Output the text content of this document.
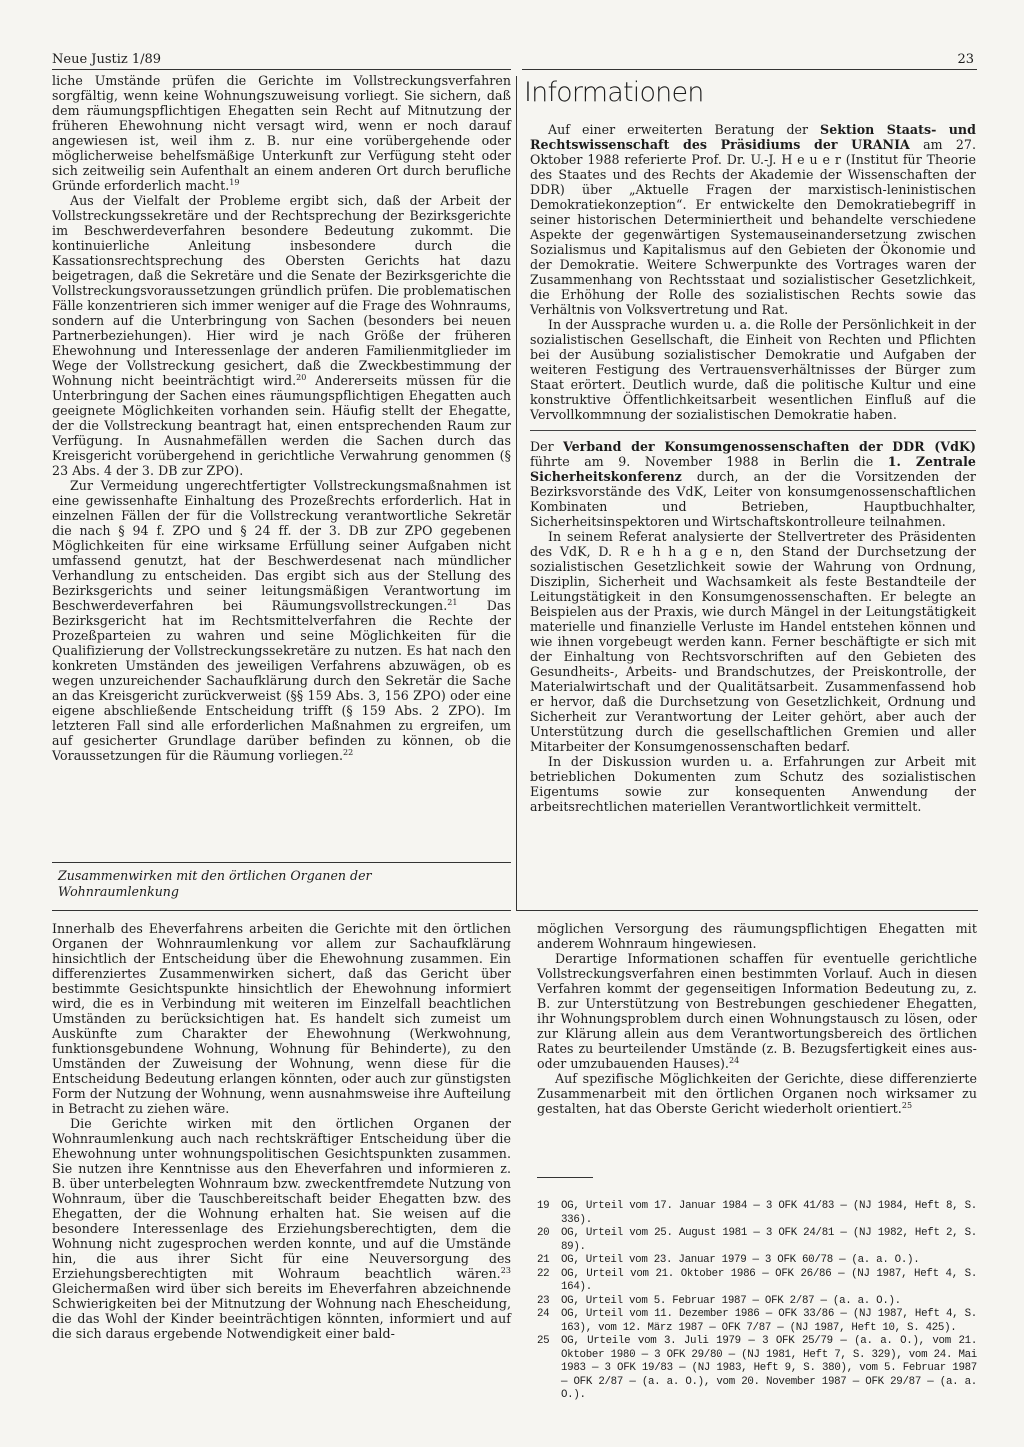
Neue Justiz 1/89	23

liche Umstände prüfen die Gerichte im Vollstreckungsverfahren sorgfältig, wenn keine Wohnungszuweisung vorliegt. Sie sichern, daß dem räumungspflichtigen Ehegatten sein Recht auf Mitnutzung der früheren Ehewohnung nicht versagt wird, wenn er noch darauf angewiesen ist, weil ihm z. B. nur eine vorübergehende oder möglicherweise behelfsmäßige Unterkunft zur Verfügung steht oder sich zeitweilig sein Aufenthalt an einem anderen Ort durch berufliche Gründe erforderlich macht.$^{19}$

Aus der Vielfalt der Probleme ergibt sich, daß der Arbeit der Vollstreckungssekretäre und der Rechtsprechung der Bezirksgerichte im Beschwerdeverfahren besondere Bedeutung zukommt. Die kontinuierliche Anleitung insbesondere durch die Kassationsrechtsprechung des Obersten Gerichts hat dazu beigetragen, daß die Sekretäre und die Senate der Bezirksgerichte die Vollstreckungsvoraussetzungen gründlich prüfen. Die problematischen Fälle konzentrieren sich immer weniger auf die Frage des Wohnraums, sondern auf die Unterbringung von Sachen (besonders bei neuen Partnerbeziehungen). Hier wird je nach Größe der früheren Ehewohnung und Interessenlage der anderen Familienmitglieder im Wege der Vollstreckung gesichert, daß die Zweckbestimmung der Wohnung nicht beeinträchtigt wird.$^{20}$ Andererseits müssen für die Unterbringung der Sachen eines räumungspflichtigen Ehegatten auch geeignete Möglichkeiten vorhanden sein. Häufig stellt der Ehegatte, der die Vollstreckung beantragt hat, einen entsprechenden Raum zur Verfügung. In Ausnahmefällen werden die Sachen durch das Kreisgericht vorübergehend in gerichtliche Verwahrung genommen (§ 23 Abs. 4 der 3. DB zur ZPO).

Zur Vermeidung ungerechtfertigter Vollstreckungsmaßnahmen ist eine gewissenhafte Einhaltung des Prozeßrechts erforderlich. Hat in einzelnen Fällen der für die Vollstreckung verantwortliche Sekretär die nach § 94 f. ZPO und § 24 ff. der 3. DB zur ZPO gegebenen Möglichkeiten für eine wirksame Erfüllung seiner Aufgaben nicht umfassend genutzt, hat der Beschwerdesenat nach mündlicher Verhandlung zu entscheiden. Das ergibt sich aus der Stellung des Bezirksgerichts und seiner leitungsmäßigen Verantwortung im Beschwerdeverfahren bei Räumungsvollstreckungen.$^{21}$ Das Bezirksgericht hat im Rechtsmittelverfahren die Rechte der Prozeßparteien zu wahren und seine Möglichkeiten für die Qualifizierung der Vollstreckungssekretäre zu nutzen. Es hat nach den konkreten Umständen des jeweiligen Verfahrens abzuwägen, ob es wegen unzureichender Sachaufklärung durch den Sekretär die Sache an das Kreisgericht zurückverweist (§§ 159 Abs. 3, 156 ZPO) oder eine eigene abschließende Entscheidung trifft (§ 159 Abs. 2 ZPO). Im letzteren Fall sind alle erforderlichen Maßnahmen zu ergreifen, um auf gesicherter Grundlage darüber befinden zu können, ob die Voraussetzungen für die Räumung vorliegen.$^{22}$

Zusammenwirken mit den örtlichen Organen der Wohnraumlenkung
Informationen

Auf einer erweiterten Beratung der Sektion Staats- und Rechtswissenschaft des Präsidiums der URANIA am 27. Oktober 1988 referierte Prof. Dr. U.-J. H e u e r (Institut für Theorie des Staates und des Rechts der Akademie der Wissenschaften der DDR) über „Aktuelle Fragen der marxistisch-leninistischen Demokratiekonzeption“. Er entwickelte den Demokratiebegriff in seiner historischen Determiniertheit und behandelte verschiedene Aspekte der gegenwärtigen Systemauseinandersetzung zwischen Sozialismus und Kapitalismus auf den Gebieten der Ökonomie und der Demokratie. Weitere Schwerpunkte des Vortrages waren der Zusammenhang von Rechtsstaat und sozialistischer Gesetzlichkeit, die Erhöhung der Rolle des sozialistischen Rechts sowie das Verhältnis von Volksvertretung und Rat.

In der Aussprache wurden u. a. die Rolle der Persönlichkeit in der sozialistischen Gesellschaft, die Einheit von Rechten und Pflichten bei der Ausübung sozialistischer Demokratie und Aufgaben der weiteren Festigung des Vertrauensverhältnisses der Bürger zum Staat erörtert. Deutlich wurde, daß die politische Kultur und eine konstruktive Öffentlichkeitsarbeit wesentlichen Einfluß auf die Vervollkommnung der sozialistischen Demokratie haben.

Der Verband der Konsumgenossenschaften der DDR (VdK) führte am 9. November 1988 in Berlin die 1. Zentrale Sicherheitskonferenz durch, an der die Vorsitzenden der Bezirksvorstände des VdK, Leiter von konsumgenossenschaftlichen Kombinaten und Betrieben, Hauptbuchhalter, Sicherheitsinspektoren und Wirtschaftskontrolleure teilnahmen.

In seinem Referat analysierte der Stellvertreter des Präsidenten des VdK, D. R e h h a g e n, den Stand der Durchsetzung der sozialistischen Gesetzlichkeit sowie der Wahrung von Ordnung, Disziplin, Sicherheit und Wachsamkeit als feste Bestandteile der Leitungstätigkeit in den Konsumgenossenschaften. Er belegte an Beispielen aus der Praxis, wie durch Mängel in der Leitungstätigkeit materielle und finanzielle Verluste im Handel entstehen können und wie ihnen vorgebeugt werden kann. Ferner beschäftigte er sich mit der Einhaltung von Rechtsvorschriften auf den Gebieten des Gesundheits-, Arbeits- und Brandschutzes, der Preiskontrolle, der Materialwirtschaft und der Qualitätsarbeit. Zusammenfassend hob er hervor, daß die Durchsetzung von Gesetzlichkeit, Ordnung und Sicherheit zur Verantwortung der Leiter gehört, aber auch der Unterstützung durch die gesellschaftlichen Gremien und aller Mitarbeiter der Konsumgenossenschaften bedarf.

In der Diskussion wurden u. a. Erfahrungen zur Arbeit mit betrieblichen Dokumenten zum Schutz des sozialistischen Eigentums sowie zur konsequenten Anwendung der arbeitsrechtlichen materiellen Verantwortlichkeit vermittelt.

Innerhalb des Eheverfahrens arbeiten die Gerichte mit den örtlichen Organen der Wohnraumlenkung vor allem zur Sachaufklärung hinsichtlich der Entscheidung über die Ehewohnung zusammen. Ein differenziertes Zusammenwirken sichert, daß das Gericht über bestimmte Gesichtspunkte hinsichtlich der Ehewohnung informiert wird, die es in Verbindung mit weiteren im Einzelfall beachtlichen Umständen zu berücksichtigen hat. Es handelt sich zumeist um Auskünfte zum Charakter der Ehewohnung (Werkwohnung, funktionsgebundene Wohnung, Wohnung für Behinderte), zu den Umständen der Zuweisung der Wohnung, wenn diese für die Entscheidung Bedeutung erlangen könnten, oder auch zur günstigsten Form der Nutzung der Wohnung, wenn ausnahmsweise ihre Aufteilung in Betracht zu ziehen wäre.

Die Gerichte wirken mit den örtlichen Organen der Wohnraumlenkung auch nach rechtskräftiger Entscheidung über die Ehewohnung unter wohnungspolitischen Gesichtspunkten zusammen. Sie nutzen ihre Kenntnisse aus den Eheverfahren und informieren z. B. über unterbelegten Wohnraum bzw. zweckentfremdete Nutzung von Wohnraum, über die Tauschbereitschaft beider Ehegatten bzw. des Ehegatten, der die Wohnung erhalten hat. Sie weisen auf die besondere Interessenlage des Erziehungsberechtigten, dem die Wohnung nicht zugesprochen werden konnte, und auf die Umstände hin, die aus ihrer Sicht für eine Neuversorgung des Erziehungsberechtigten mit Wohraum beachtlich wären.$^{23}$ Gleichermaßen wird über sich bereits im Eheverfahren abzeichnende Schwierigkeiten bei der Mitnutzung der Wohnung nach Ehescheidung, die das Wohl der Kinder beeinträchtigen könnten, informiert und auf die sich daraus ergebende Notwendigkeit einer bald-

möglichen Versorgung des räumungspflichtigen Ehegatten mit anderem Wohnraum hingewiesen.

Derartige Informationen schaffen für eventuelle gerichtliche Vollstreckungsverfahren einen bestimmten Vorlauf. Auch in diesen Verfahren kommt der gegenseitigen Information Bedeutung zu, z. B. zur Unterstützung von Bestrebungen geschiedener Ehegatten, ihr Wohnungsproblem durch einen Wohnungstausch zu lösen, oder zur Klärung allein aus dem Verantwortungsbereich des örtlichen Rates zu beurteilender Umstände (z. B. Bezugsfertigkeit eines aus- oder umzubauenden Hauses).$^{24}$

Auf spezifische Möglichkeiten der Gerichte, diese differenzierte Zusammenarbeit mit den örtlichen Organen noch wirksamer zu gestalten, hat das Oberste Gericht wiederholt orientiert.$^{25}$

19	OG, Urteil vom 17. Januar 1984 — 3 OFK 41/83 — (NJ 1984, Heft 8, S. 336).
20	OG, Urteil vom 25. August 1981 — 3 OFK 24/81 — (NJ 1982, Heft 2, S. 89).
21	OG, Urteil vom 23. Januar 1979 — 3 OFK 60/78 — (a. a. O.).
22	OG, Urteil vom 21. Oktober 1986 — OFK 26/86 — (NJ 1987, Heft 4, S. 164).
23	OG, Urteil vom 5. Februar 1987 — OFK 2/87 — (a. a. O.).
24	OG, Urteil vom 11. Dezember 1986 — OFK 33/86 — (NJ 1987, Heft 4, S. 163), vom 12. März 1987 — OFK 7/87 — (NJ 1987, Heft 10, S. 425).
25	OG, Urteile vom 3. Juli 1979 — 3 OFK 25/79 — (a. a. O.), vom 21. Oktober 1980 — 3 OFK 29/80 — (NJ 1981, Heft 7, S. 329), vom 24. Mai 1983 — 3 OFK 19/83 — (NJ 1983, Heft 9, S. 380), vom 5. Februar 1987 — OFK 2/87 — (a. a. O.), vom 20. November 1987 — OFK 29/87 — (a. a. O.).
